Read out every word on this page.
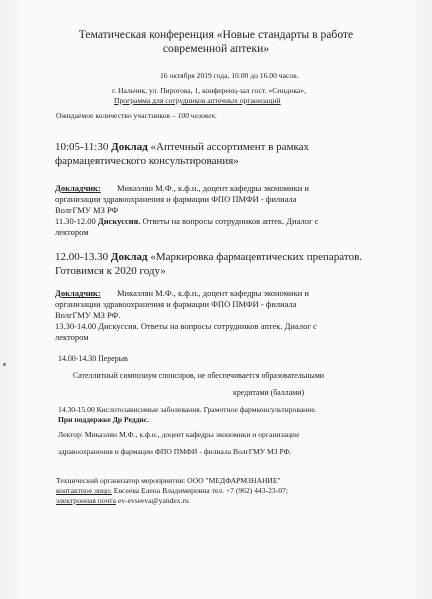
Тематическая конференция «Новые стандарты в работе
современной аптеки»
16 октября 2019 года, 10.00 до 16.00 часов.
г. Нальчик, ул. Пирогова, 1, конференц-зал гост. «Синдика»,
Программа для сотрудников аптечных организаций
Ожидаемое количество участников – 100 человек.
10:05-11:30 Доклад «Аптечный ассортимент в рамках
фармацевтического консультирования»
Докладчик: Микаэлян М.Ф., к.ф.н., доцент кафедры экономики и
организации здравоохранения и фармации ФПО ПМФИ - филиала
ВолгГМУ МЗ РФ
11.30-12.00 Дискуссия. Ответы на вопросы сотрудников аптек. Диалог с
лектором
12.00-13.30 Доклад «Маркировка фармацевтических препаратов.
Готовимся к 2020 году»
Докладчик: Микаэлян М.Ф., к.ф.н., доцент кафедры экономики и
организации здравоохранения и фармации ФПО ПМФИ - филиала
ВолгГМУ МЗ РФ.
13.30-14.00 Дискуссия. Ответы на вопросы сотрудников аптек. Диалог с
лектором
14.00-14.30 Перерыв
Сателлитный симпозиум спонсоров, не обеспечивается образовательными
кредитами (баллами)
14.30-15.00 Кислотозависимые заболевания. Грамотное фармконсультирование.
При поддержке Др Реддис.
Лектор: Микаэлян М.Ф., к.ф.н., доцент кафедры экономики и организации
здравоохранения и фармации ФПО ПМФИ - филиала ВолгГМУ МЗ РФ.
Технический организатор мероприятия: ООО "МЕДФАРМЗНАНИЕ"
контактное лицо: Евсеева Елена Владимировна тел. +7 (962) 443-23-07;
электронная почта ev-evseeva@yandex.ru
